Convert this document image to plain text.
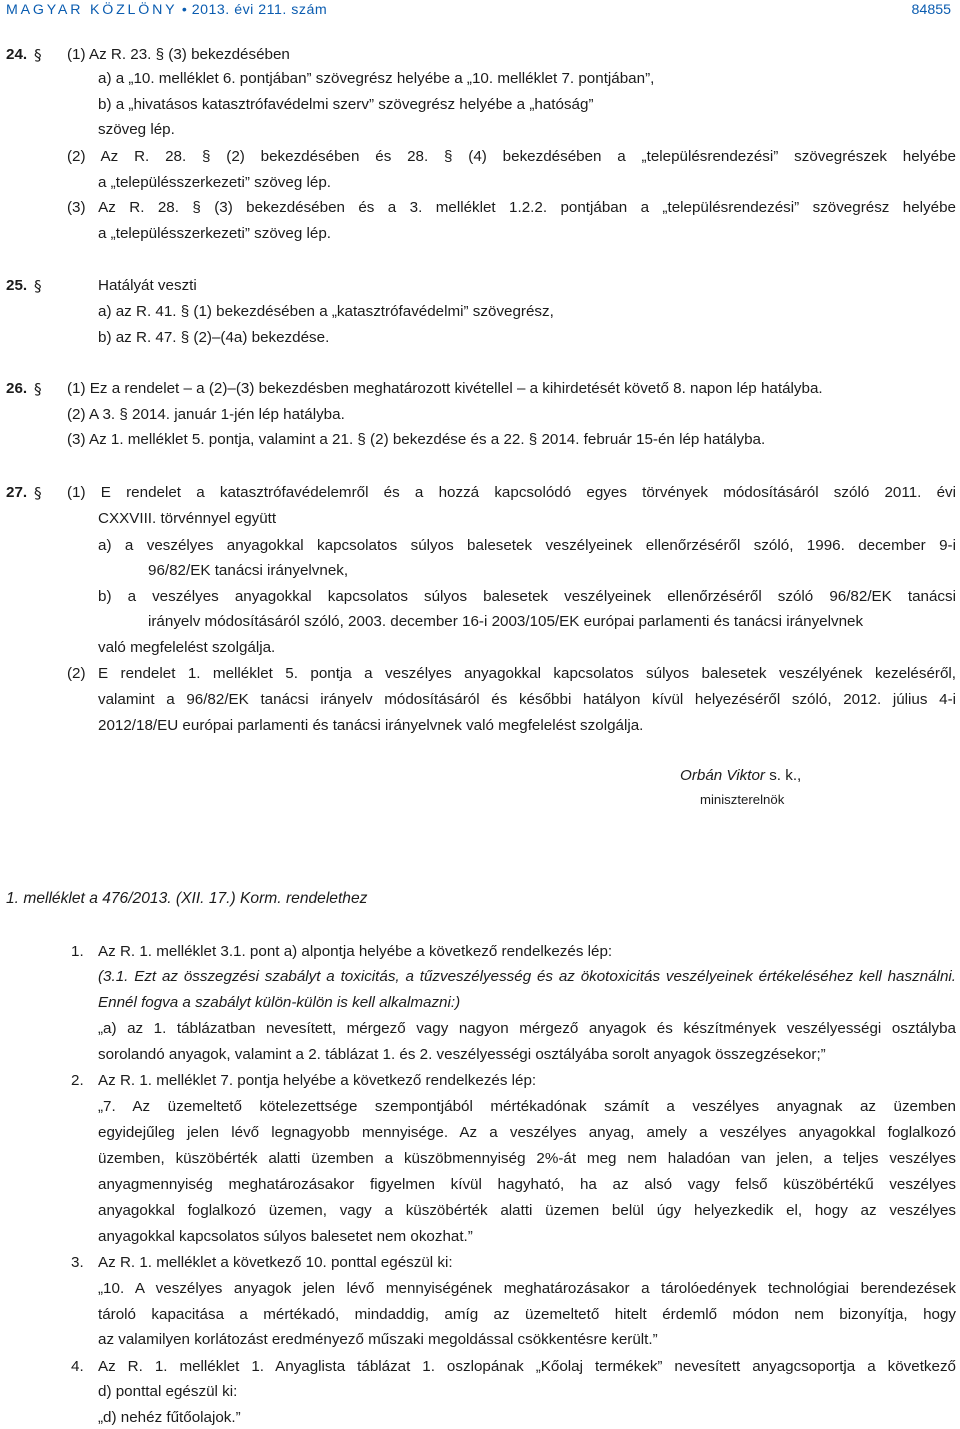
MAGYAR KÖZLÖNY • 2013. évi 211. szám	84855
24. § (1) Az R. 23. § (3) bekezdésében
a) a „10. melléklet 6. pontjában” szövegrész helyébe a „10. melléklet 7. pontjában”,
b) a „hivatásos katasztrófavédelmi szerv” szövegrész helyébe a „hatóság”
szöveg lép.
(2) Az R. 28. § (2) bekezdésében és 28. § (4) bekezdésében a „településrendezési” szövegrészek helyébe
a „településszerkezeti” szöveg lép.
(3) Az R. 28. § (3) bekezdésében és a 3. melléklet 1.2.2. pontjában a „településrendezési” szövegrész helyébe
a „településszerkezeti” szöveg lép.
25. §	Hatályát veszti
a) az R. 41. § (1) bekezdésében a „katasztrófavédelmi” szövegrész,
b) az R. 47. § (2)–(4a) bekezdése.
26. § (1) Ez a rendelet – a (2)–(3) bekezdésben meghatározott kivétellel – a kihirdetését követő 8. napon lép hatályba.
(2) A 3. § 2014. január 1-jén lép hatályba.
(3) Az 1. melléklet 5. pontja, valamint a 21. § (2) bekezdése és a 22. § 2014. február 15-én lép hatályba.
27. § (1) E rendelet a katasztrófavédelemről és a hozzá kapcsolódó egyes törvények módosításáról szóló 2011. évi
CXXVIII. törvénnyel együtt
a) a veszélyes anyagokkal kapcsolatos súlyos balesetek veszélyeinek ellenőrzéséről szóló, 1996. december 9-i
96/82/EK tanácsi irányelvnek,
b) a veszélyes anyagokkal kapcsolatos súlyos balesetek veszélyeinek ellenőrzéséről szóló 96/82/EK tanácsi
irányelv módosításáról szóló, 2003. december 16-i 2003/105/EK európai parlamenti és tanácsi irányelvnek
való megfelelést szolgálja.
(2) E rendelet 1. melléklet 5. pontja a veszélyes anyagokkal kapcsolatos súlyos balesetek veszélyének kezeléséről,
valamint a 96/82/EK tanácsi irányelv módosításáról és későbbi hatályon kívül helyezéséről szóló, 2012. július 4-i
2012/18/EU európai parlamenti és tanácsi irányelvnek való megfelelést szolgálja.
Orbán Viktor s. k.,
miniszterelnök
1. melléklet a 476/2013. (XII. 17.) Korm. rendelethez
1. Az R. 1. melléklet 3.1. pont a) alpontja helyébe a következő rendelkezés lép:
(3.1. Ezt az összegzési szabályt a toxicitás, a tűzveszélyesség és az ökotoxicitás veszélyeinek értékeléséhez kell használni.
Ennél fogva a szabályt külön-külön is kell alkalmazni:)
„a) az 1. táblázatban nevesített, mérgező vagy nagyon mérgező anyagok és készítmények veszélyességi osztályba
sorolandó anyagok, valamint a 2. táblázat 1. és 2. veszélyességi osztályába sorolt anyagok összegzésekor;”
2. Az R. 1. melléklet 7. pontja helyébe a következő rendelkezés lép:
„7. Az üzemeltető kötelezettsége szempontjából mértékadónak számít a veszélyes anyagnak az üzemben
egyidejűleg jelen lévő legnagyobb mennyisége. Az a veszélyes anyag, amely a veszélyes anyagokkal foglalkozó
üzemben, küszöbérték alatti üzemben a küszöbmennyiség 2%-át meg nem haladóan van jelen, a teljes veszélyes
anyagmennyiség meghatározásakor figyelmen kívül hagyható, ha az alsó vagy felső küszöbértékű veszélyes
anyagokkal foglalkozó üzemen, vagy a küszöbérték alatti üzemen belül úgy helyezkedik el, hogy az veszélyes
anyagokkal kapcsolatos súlyos balesetet nem okozhat.”
3. Az R. 1. melléklet a következő 10. ponttal egészül ki:
„10. A veszélyes anyagok jelen lévő mennyiségének meghatározásakor a tárolóedények technológiai berendezések
tároló kapacitása a mértékadó, mindaddig, amíg az üzemeltető hitelt érdemlő módon nem bizonyítja, hogy
az valamilyen korlátozást eredményező műszaki megoldással csökkentésre került.”
4. Az R. 1. melléklet 1. Anyaglista táblázat 1. oszlopának „Kőolaj termékek” nevesített anyagcsoportja a következő
d) ponttal egészül ki:
„d) nehéz fűtőolajok.”
